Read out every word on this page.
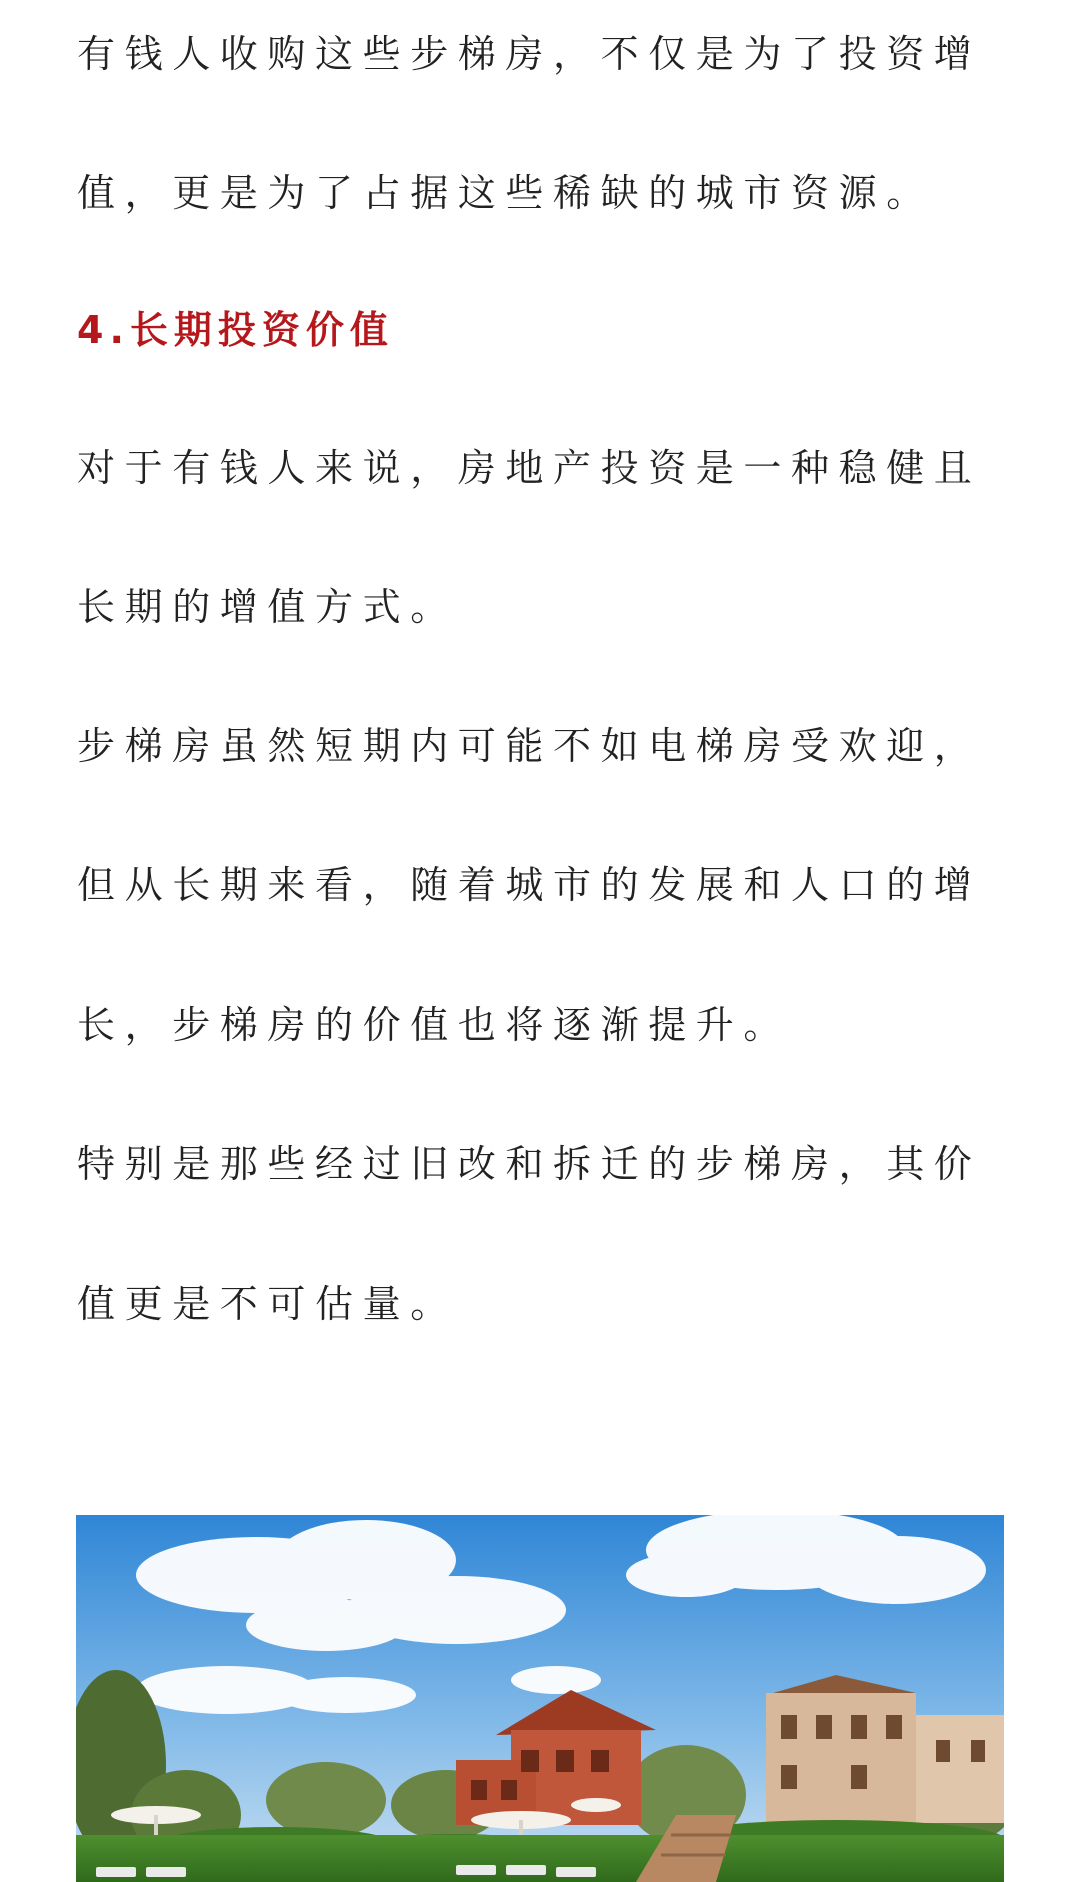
有钱人收购这些步梯房，不仅是为了投资增
值，更是为了占据这些稀缺的城市资源。
4.长期投资价值
对于有钱人来说，房地产投资是一种稳健且
长期的增值方式。
步梯房虽然短期内可能不如电梯房受欢迎，
但从长期来看，随着城市的发展和人口的增
长，步梯房的价值也将逐渐提升。
特别是那些经过旧改和拆迁的步梯房，其价
值更是不可估量。
